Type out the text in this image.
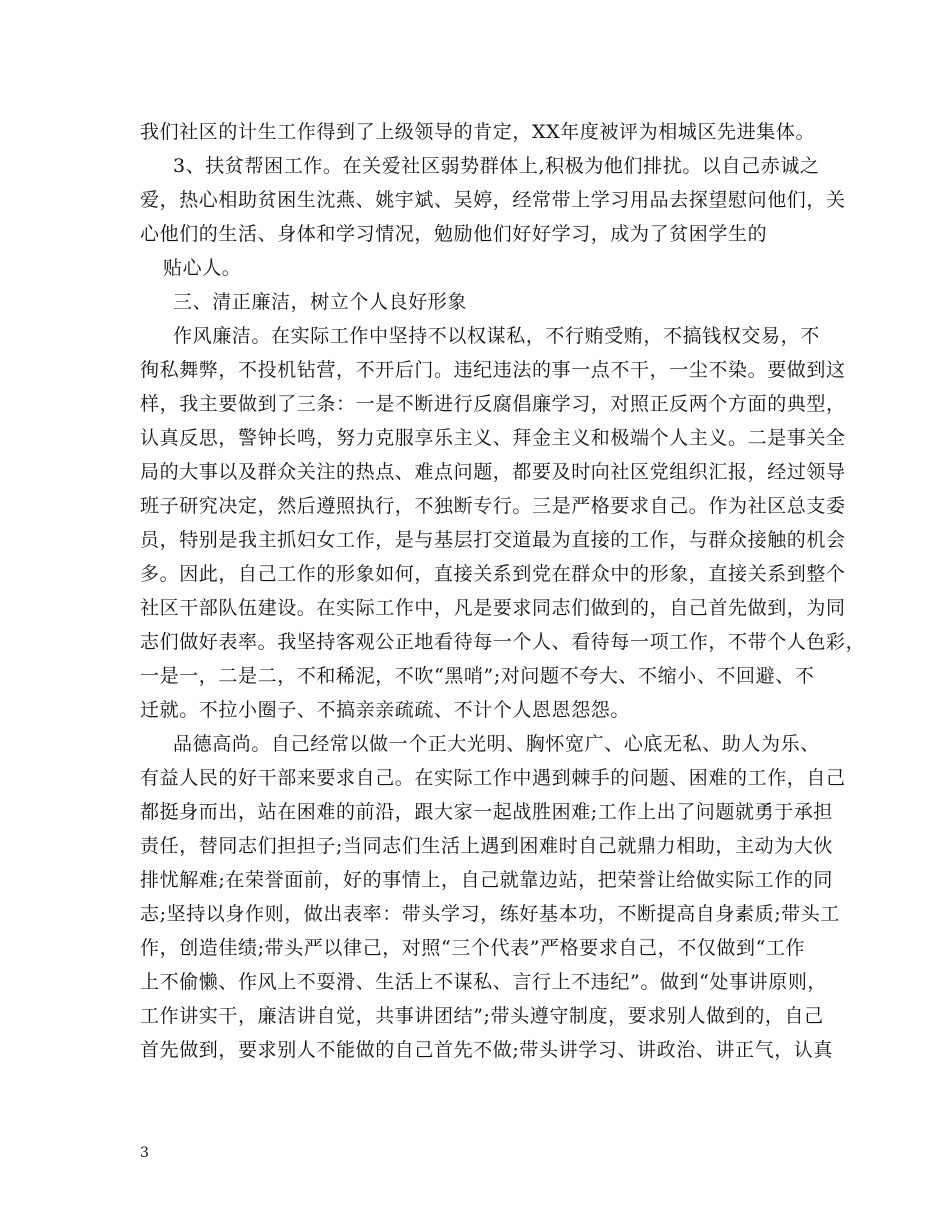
我们社区的计生工作得到了上级领导的肯定，XX年度被评为相城区先进集体。
3、扶贫帮困工作。在关爱社区弱势群体上,积极为他们排扰。以自己赤诚之
爱，热心相助贫困生沈燕、姚宇斌、吴婷，经常带上学习用品去探望慰问他们，关
心他们的生活、身体和学习情况，勉励他们好好学习，成为了贫困学生的
贴心人。
三、清正廉洁，树立个人良好形象
作风廉洁。在实际工作中坚持不以权谋私，不行贿受贿，不搞钱权交易，不
徇私舞弊，不投机钻营，不开后门。违纪违法的事一点不干，一尘不染。要做到这
样，我主要做到了三条：一是不断进行反腐倡廉学习，对照正反两个方面的典型，
认真反思，警钟长鸣，努力克服享乐主义、拜金主义和极端个人主义。二是事关全
局的大事以及群众关注的热点、难点问题，都要及时向社区党组织汇报，经过领导
班子研究决定，然后遵照执行，不独断专行。三是严格要求自己。作为社区总支委
员，特别是我主抓妇女工作，是与基层打交道最为直接的工作，与群众接触的机会
多。因此，自己工作的形象如何，直接关系到党在群众中的形象，直接关系到整个
社区干部队伍建设。在实际工作中，凡是要求同志们做到的，自己首先做到，为同
志们做好表率。我坚持客观公正地看待每一个人、看待每一项工作，不带个人色彩，
一是一，二是二，不和稀泥，不吹“黑哨”;对问题不夸大、不缩小、不回避、不
迁就。不拉小圈子、不搞亲亲疏疏、不计个人恩恩怨怨。
品德高尚。自己经常以做一个正大光明、胸怀宽广、心底无私、助人为乐、
有益人民的好干部来要求自己。在实际工作中遇到棘手的问题、困难的工作，自己
都挺身而出，站在困难的前沿，跟大家一起战胜困难;工作上出了问题就勇于承担
责任，替同志们担担子;当同志们生活上遇到困难时自己就鼎力相助，主动为大伙
排忧解难;在荣誉面前，好的事情上，自己就靠边站，把荣誉让给做实际工作的同
志;坚持以身作则，做出表率：带头学习，练好基本功，不断提高自身素质;带头工
作，创造佳绩;带头严以律己，对照“三个代表”严格要求自己，不仅做到“工作
上不偷懒、作风上不耍滑、生活上不谋私、言行上不违纪”。做到“处事讲原则，
工作讲实干，廉洁讲自觉，共事讲团结”;带头遵守制度，要求别人做到的，自己
首先做到，要求别人不能做的自己首先不做;带头讲学习、讲政治、讲正气，认真
3
